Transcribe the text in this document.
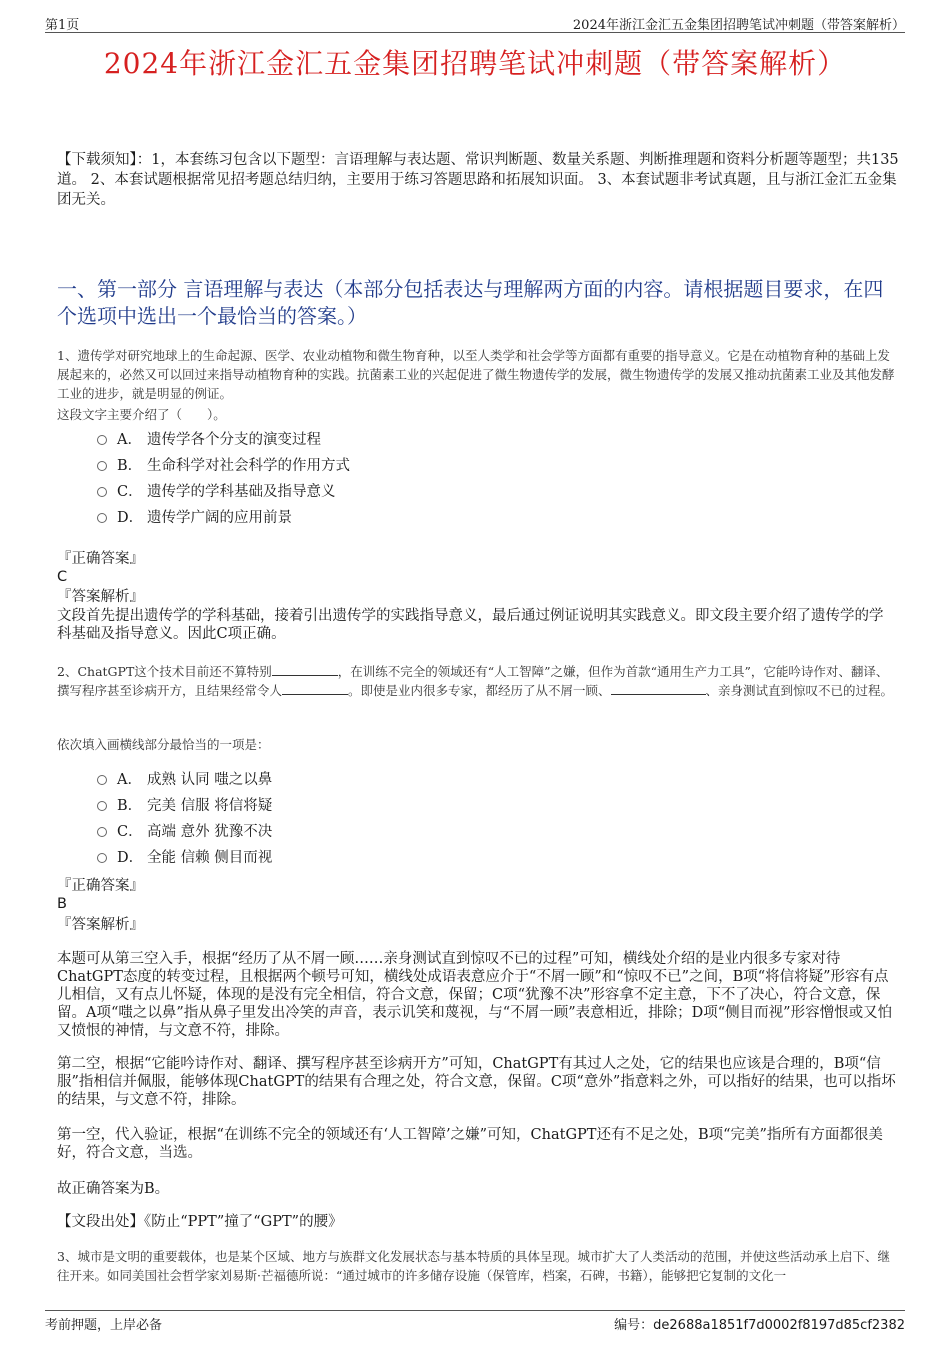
第1页	2024年浙江金汇五金集团招聘笔试冲刺题（带答案解析）
2024年浙江金汇五金集团招聘笔试冲刺题（带答案解析）
【下载须知】：1，本套练习包含以下题型：言语理解与表达题、常识判断题、数量关系题、判断推理题和资料分析题等题型；共135道。 2、本套试题根据常见招考题总结归纳，主要用于练习答题思路和拓展知识面。 3、本套试题非考试真题，且与浙江金汇五金集团无关。
一、第一部分 言语理解与表达（本部分包括表达与理解两方面的内容。请根据题目要求，在四个选项中选出一个最恰当的答案。）
1、遗传学对研究地球上的生命起源、医学、农业动植物和微生物育种，以至人类学和社会学等方面都有重要的指导意义。它是在动植物育种的基础上发展起来的，必然又可以回过来指导动植物育种的实践。抗菌素工业的兴起促进了微生物遗传学的发展，微生物遗传学的发展又推动抗菌素工业及其他发酵工业的进步，就是明显的例证。
这段文字主要介绍了（　　）。
A． 遗传学各个分支的演变过程
B． 生命科学对社会科学的作用方式
C． 遗传学的学科基础及指导意义
D． 遗传学广阔的应用前景
『正确答案』
C
『答案解析』
文段首先提出遗传学的学科基础，接着引出遗传学的实践指导意义，最后通过例证说明其实践意义。即文段主要介绍了遗传学的学科基础及指导意义。因此C项正确。
2、ChatGPT这个技术目前还不算特别	，在训练不完全的领域还有“人工智障”之嫌，但作为首款“通用生产力工具”，它能吟诗作对、翻译、撰写程序甚至诊病开方，且结果经常令人	。即使是业内很多专家，都经历了从不屑一顾、	、亲身测试直到惊叹不已的过程。
依次填入画横线部分最恰当的一项是：
A． 成熟 认同 嗤之以鼻
B． 完美 信服 将信将疑
C． 高端 意外 犹豫不决
D． 全能 信赖 侧目而视
『正确答案』
B
『答案解析』
本题可从第三空入手，根据“经历了从不屑一顾……亲身测试直到惊叹不已的过程”可知，横线处介绍的是业内很多专家对待ChatGPT态度的转变过程，且根据两个顿号可知，横线处成语表意应介于“不屑一顾”和“惊叹不已”之间，B项“将信将疑”形容有点儿相信，又有点儿怀疑，体现的是没有完全相信，符合文意，保留；C项“犹豫不决”形容拿不定主意，下不了决心，符合文意，保留。A项“嗤之以鼻”指从鼻子里发出冷笑的声音，表示讥笑和蔑视，与“不屑一顾”表意相近，排除；D项“侧目而视”形容憎恨或又怕又愤恨的神情，与文意不符，排除。
第二空，根据“它能吟诗作对、翻译、撰写程序甚至诊病开方”可知，ChatGPT有其过人之处，它的结果也应该是合理的，B项“信服”指相信并佩服，能够体现ChatGPT的结果有合理之处，符合文意，保留。C项“意外”指意料之外，可以指好的结果，也可以指坏的结果，与文意不符，排除。
第一空，代入验证，根据“在训练不完全的领域还有‘人工智障’之嫌”可知，ChatGPT还有不足之处，B项“完美”指所有方面都很美好，符合文意，当选。
故正确答案为B。
【文段出处】《防止“PPT”撞了“GPT”的腰》
3、城市是文明的重要载体，也是某个区域、地方与族群文化发展状态与基本特质的具体呈现。城市扩大了人类活动的范围，并使这些活动承上启下、继往开来。如同美国社会哲学家刘易斯·芒福德所说：“通过城市的许多储存设施（保管库，档案，石碑，书籍），能够把它复制的文化一
考前押题，上岸必备	编号：de2688a1851f7d0002f8197d85cf2382
